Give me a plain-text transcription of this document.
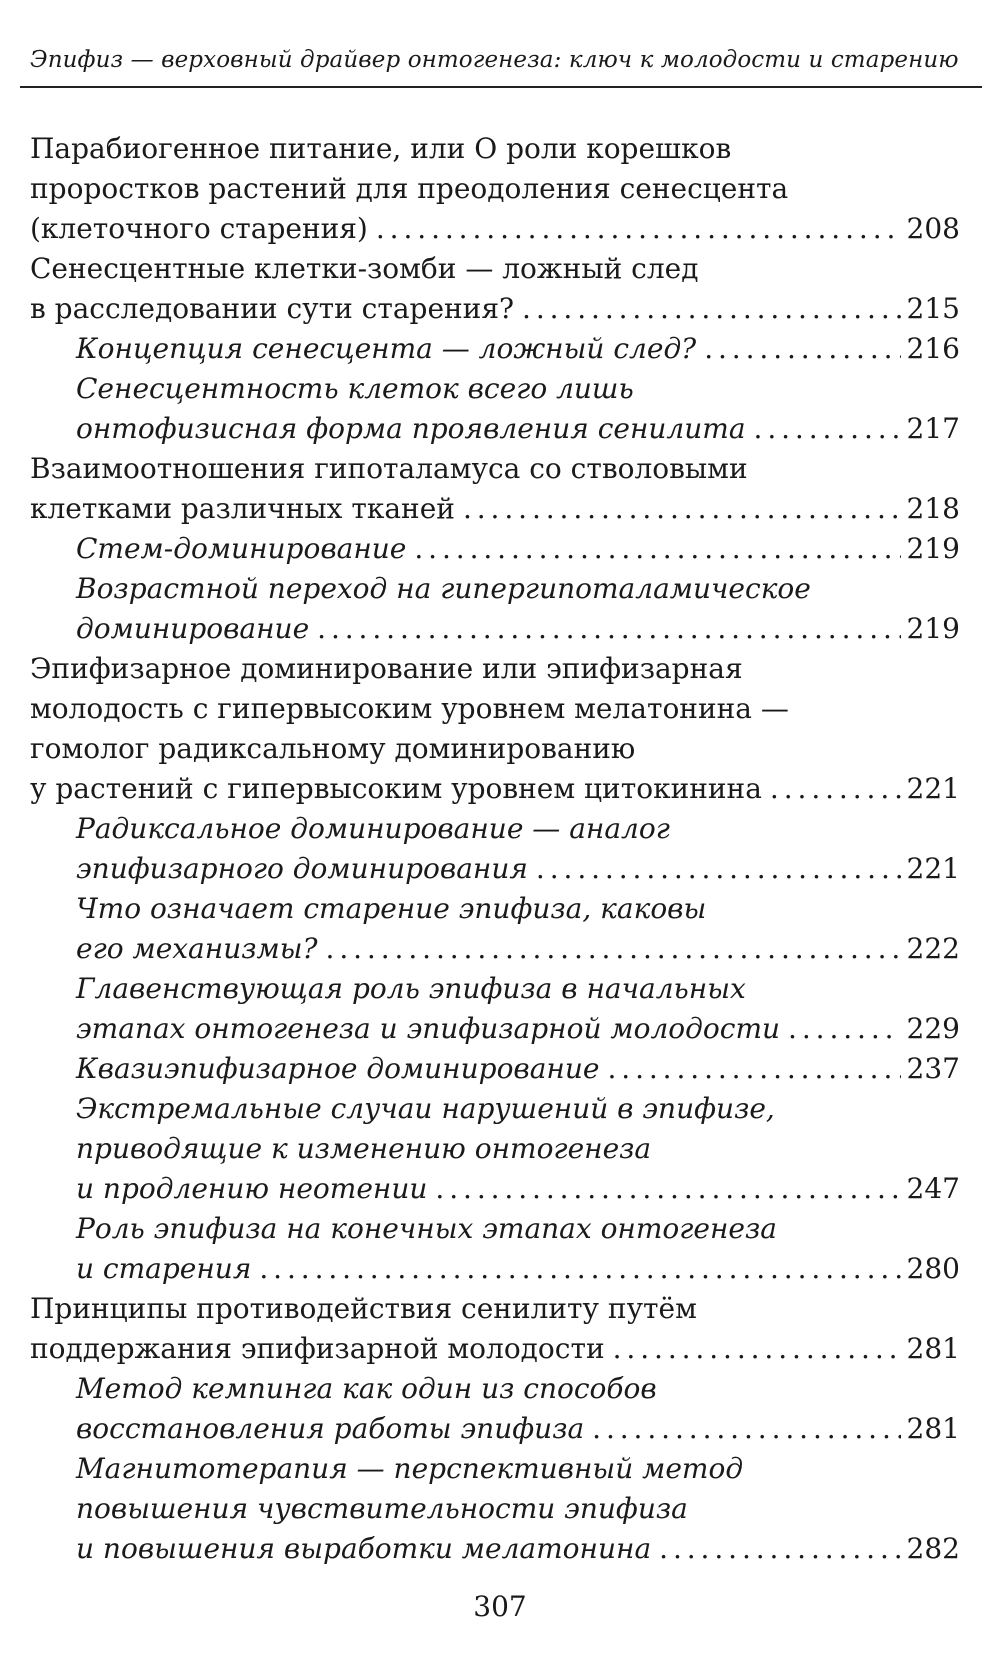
Эпифиз — верховный драйвер онтогенеза: ключ к молодости и старению
Парабиогенное питание, или О роли корешков
проростков растений для преодоления сенесцента
(клеточного старения) . . .	208
Сенесцентные клетки-зомби — ложный след
в расследовании сути старения? . . .	215
Концепция сенесцента — ложный след? . . .	216
Сенесцентность клеток всего лишь
онтофизисная форма проявления сенилита . . .	217
Взаимоотношения гипоталамуса со стволовыми
клетками различных тканей . . .	218
Стем-доминирование . . .	219
Возрастной переход на гипергипоталамическое
доминирование . . .	219
Эпифизарное доминирование или эпифизарная
молодость с гипервысоким уровнем мелатонина —
гомолог радиксальному доминированию
у растений с гипервысоким уровнем цитокинина . . .	221
Радиксальное доминирование — аналог
эпифизарного доминирования . . .	221
Что означает старение эпифиза, каковы
его механизмы? . . .	222
Главенствующая роль эпифиза в начальных
этапах онтогенеза и эпифизарной молодости . . .	229
Квазиэпифизарное доминирование . . .	237
Экстремальные случаи нарушений в эпифизе,
приводящие к изменению онтогенеза
и продлению неотении . . .	247
Роль эпифиза на конечных этапах онтогенеза
и старения . . .	280
Принципы противодействия сенилиту путём
поддержания эпифизарной молодости . . .	281
Метод кемпинга как один из способов
восстановления работы эпифиза . . .	281
Магнитотерапия — перспективный метод
повышения чувствительности эпифиза
и повышения выработки мелатонина . . .	282
307
